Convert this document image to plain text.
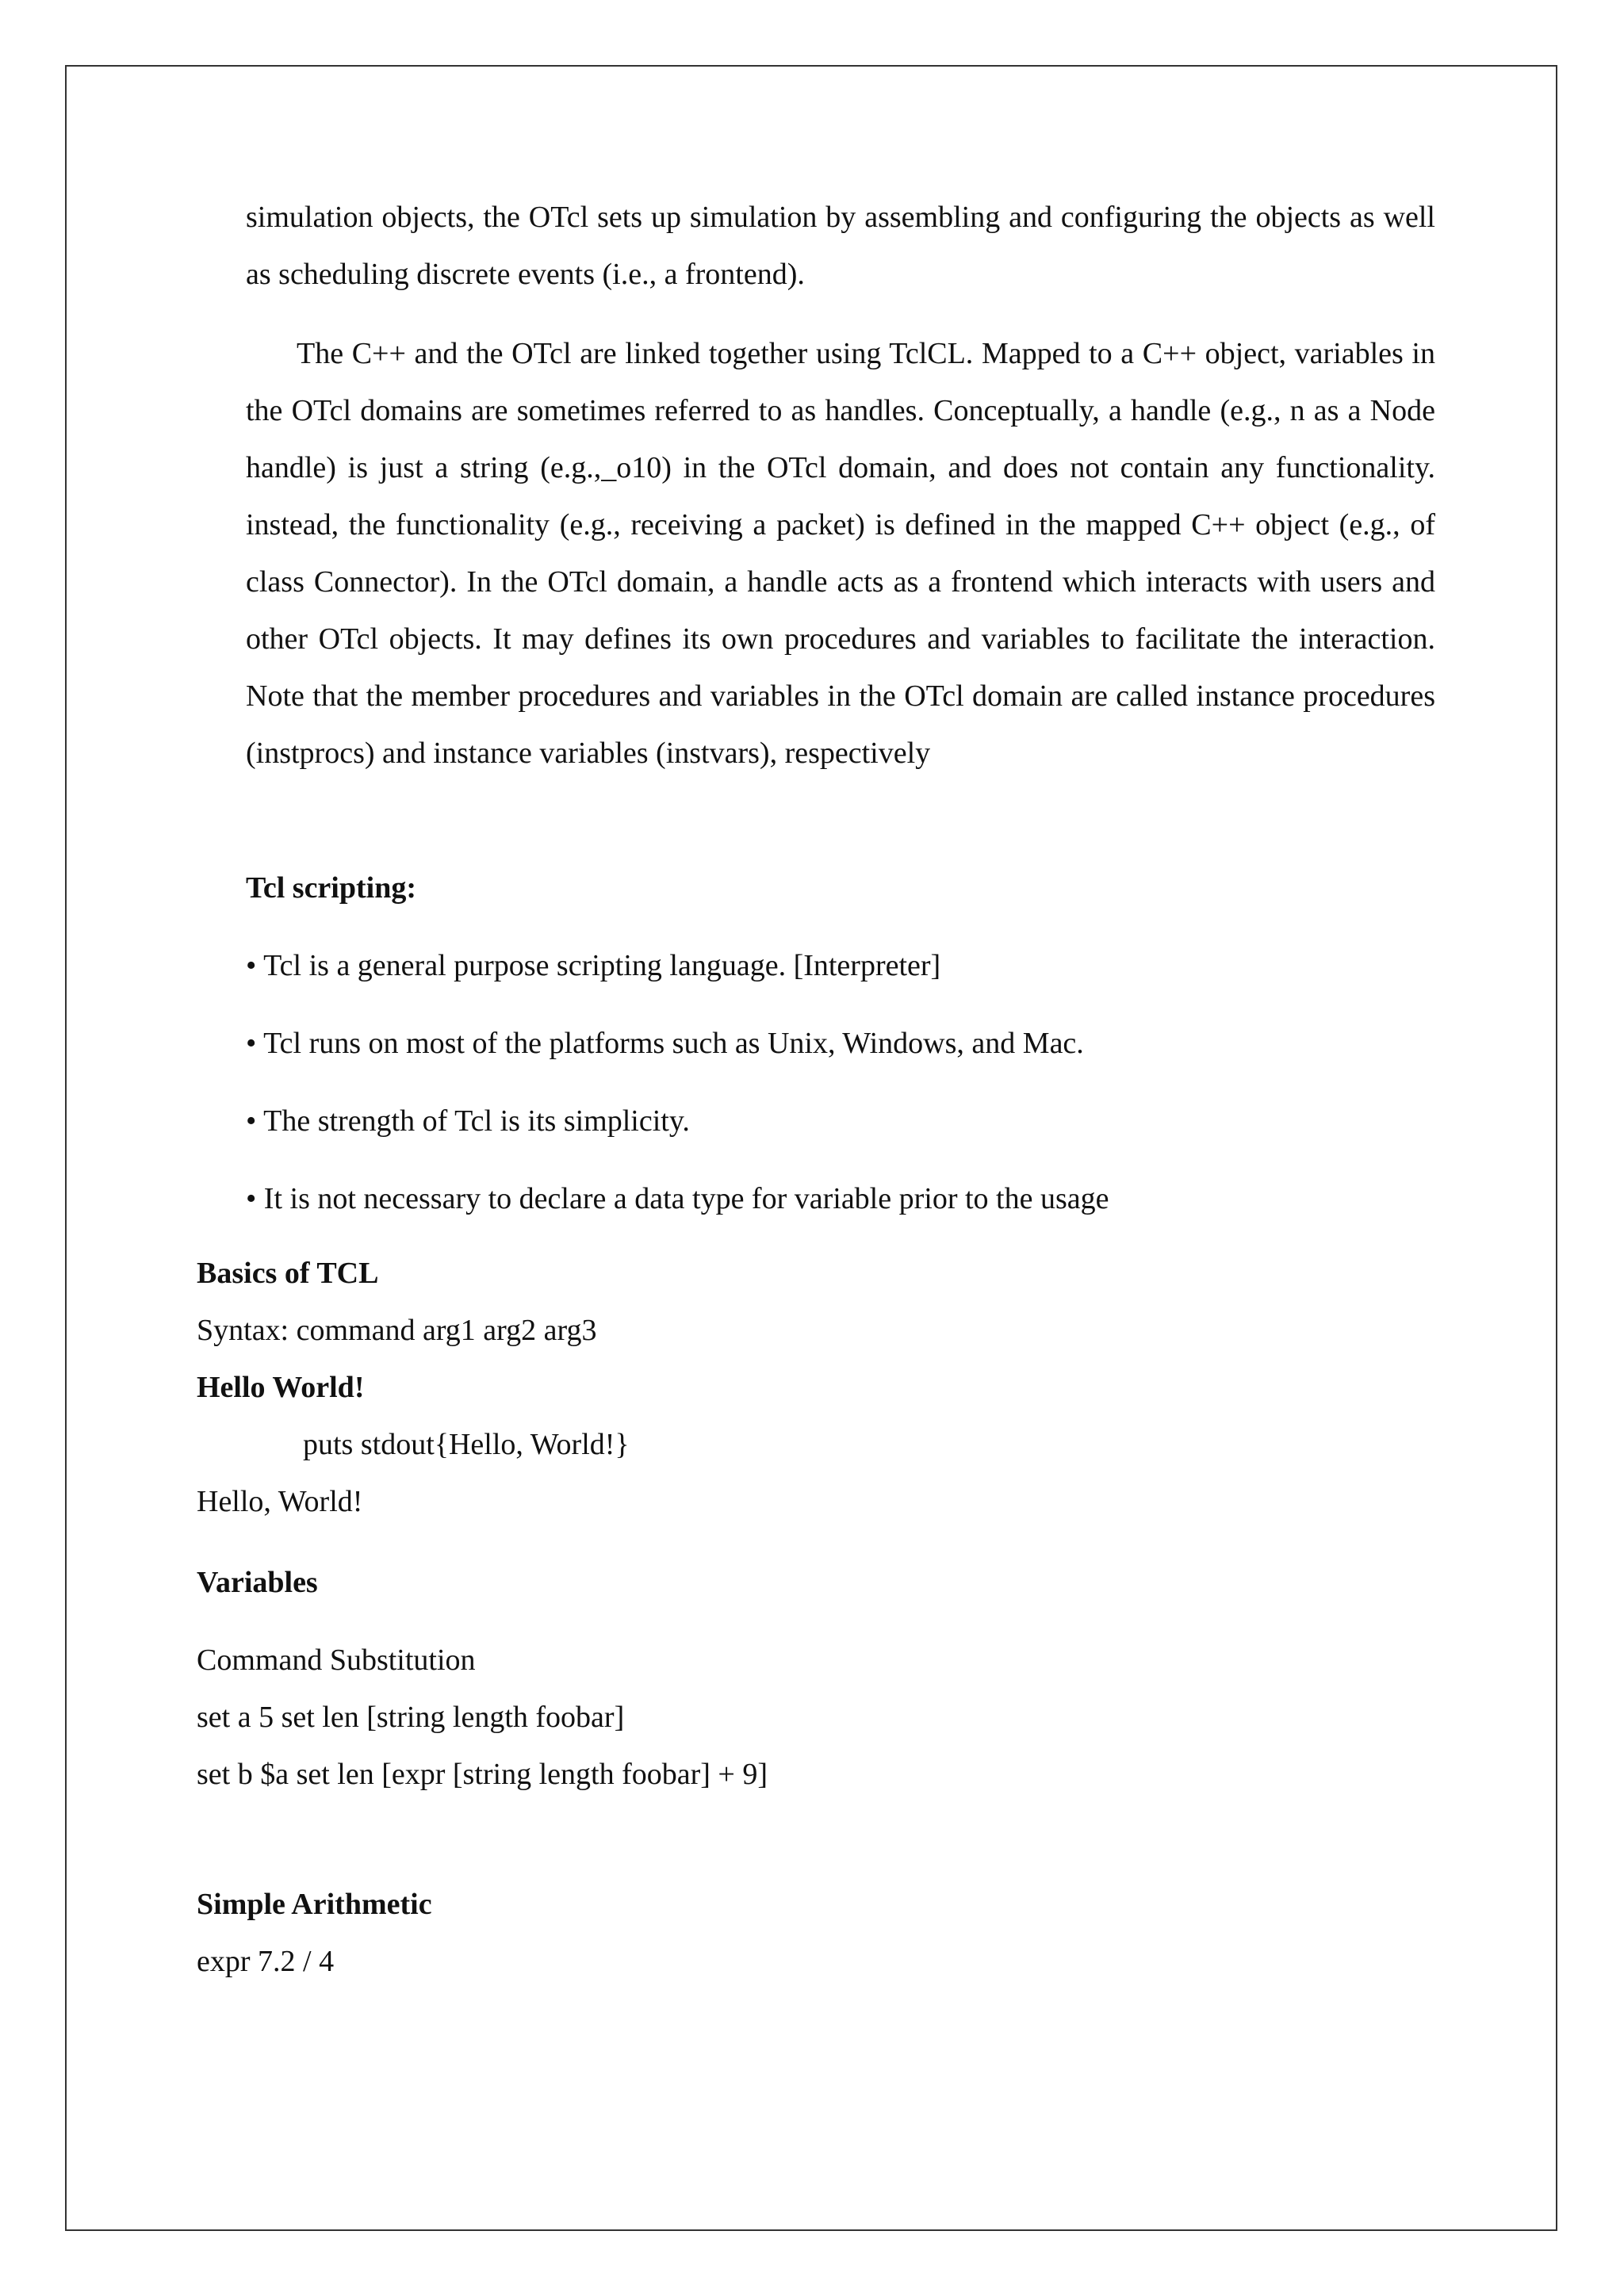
simulation objects, the OTcl sets up simulation by assembling and configuring the objects as well as scheduling discrete events (i.e., a frontend).

The C++ and the OTcl are linked together using TclCL. Mapped to a C++ object, variables in the OTcl domains are sometimes referred to as handles. Conceptually, a handle (e.g., n as a Node handle) is just a string (e.g.,_o10) in the OTcl domain, and does not contain any functionality. instead, the functionality (e.g., receiving a packet) is defined in the mapped C++ object (e.g., of class Connector). In the OTcl domain, a handle acts as a frontend which interacts with users and other OTcl objects. It may defines its own procedures and variables to facilitate the interaction. Note that the member procedures and variables in the OTcl domain are called instance procedures (instprocs) and instance variables (instvars), respectively

Tcl scripting:

• Tcl is a general purpose scripting language. [Interpreter]

• Tcl runs on most of the platforms such as Unix, Windows, and Mac.

• The strength of Tcl is its simplicity.

• It is not necessary to declare a data type for variable prior to the usage

Basics of TCL

Syntax: command arg1 arg2 arg3

Hello World!

puts stdout{Hello, World!}

Hello, World!

Variables

Command Substitution

set a 5 set len [string length foobar]

set b $a set len [expr [string length foobar] + 9]

Simple Arithmetic

expr 7.2 / 4
